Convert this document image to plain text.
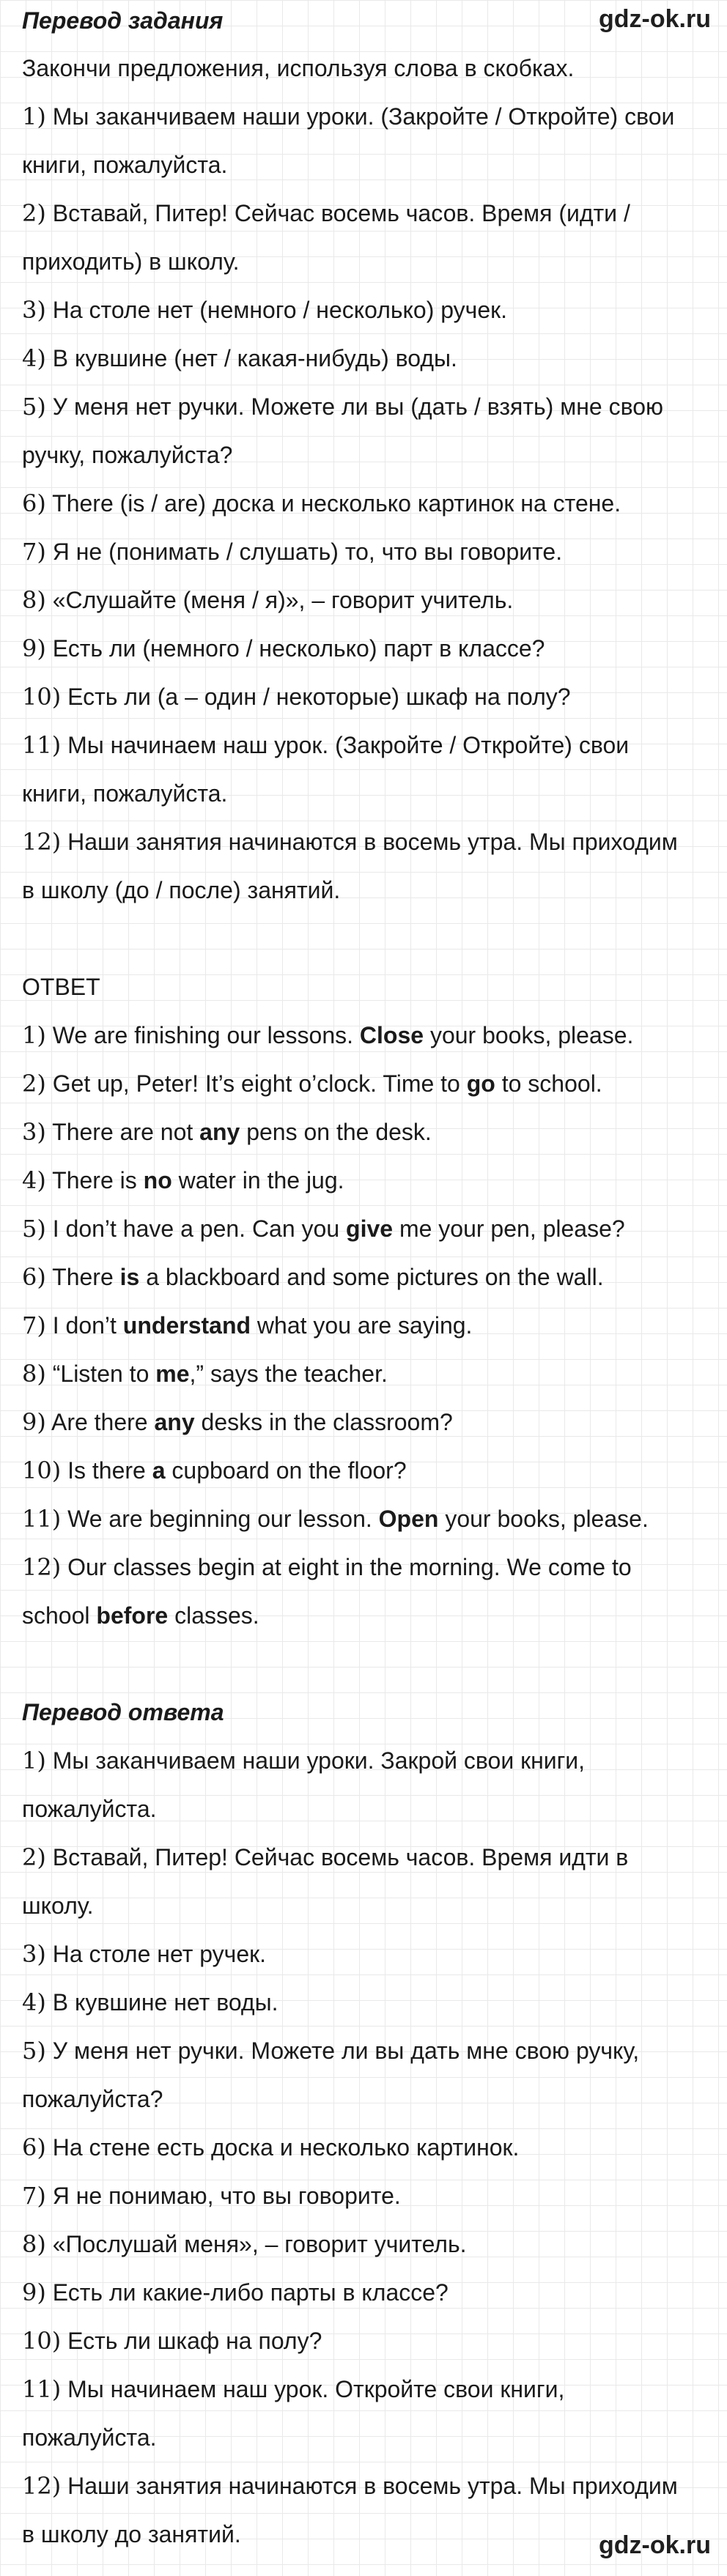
Перевод задания	gdz-ok.ru
Закончи предложения, используя слова в скобках.
1) Мы заканчиваем наши уроки. (Закройте / Откройте) свои
книги, пожалуйста.
2) Вставай, Питер! Сейчас восемь часов. Время (идти /
приходить) в школу.
3) На столе нет (немного / несколько) ручек.
4) В кувшине (нет / какая-нибудь) воды.
5) У меня нет ручки. Можете ли вы (дать / взять) мне свою
ручку, пожалуйста?
6) There (is / are) доска и несколько картинок на стене.
7) Я не (понимать / слушать) то, что вы говорите.
8) «Слушайте (меня / я)», – говорит учитель.
9) Есть ли (немного / несколько) парт в классе?
10) Есть ли (а – один / некоторые) шкаф на полу?
11) Мы начинаем наш урок. (Закройте / Откройте) свои
книги, пожалуйста.
12) Наши занятия начинаются в восемь утра. Мы приходим
в школу (до / после) занятий.
ОТВЕТ
1) We are finishing our lessons. Close your books, please.
2) Get up, Peter! It’s eight o’clock. Time to go to school.
3) There are not any pens on the desk.
4) There is no water in the jug.
5) I don’t have a pen. Can you give me your pen, please?
6) There is a blackboard and some pictures on the wall.
7) I don’t understand what you are saying.
8) “Listen to me,” says the teacher.
9) Are there any desks in the classroom?
10) Is there a cupboard on the floor?
11) We are beginning our lesson. Open your books, please.
12) Our classes begin at eight in the morning. We come to
school before classes.
Перевод ответа
1) Мы заканчиваем наши уроки. Закрой свои книги,
пожалуйста.
2) Вставай, Питер! Сейчас восемь часов. Время идти в
школу.
3) На столе нет ручек.
4) В кувшине нет воды.
5) У меня нет ручки. Можете ли вы дать мне свою ручку,
пожалуйста?
6) На стене есть доска и несколько картинок.
7) Я не понимаю, что вы говорите.
8) «Послушай меня», – говорит учитель.
9) Есть ли какие-либо парты в классе?
10) Есть ли шкаф на полу?
11) Мы начинаем наш урок. Откройте свои книги,
пожалуйста.
12) Наши занятия начинаются в восемь утра. Мы приходим
в школу до занятий.	gdz-ok.ru
